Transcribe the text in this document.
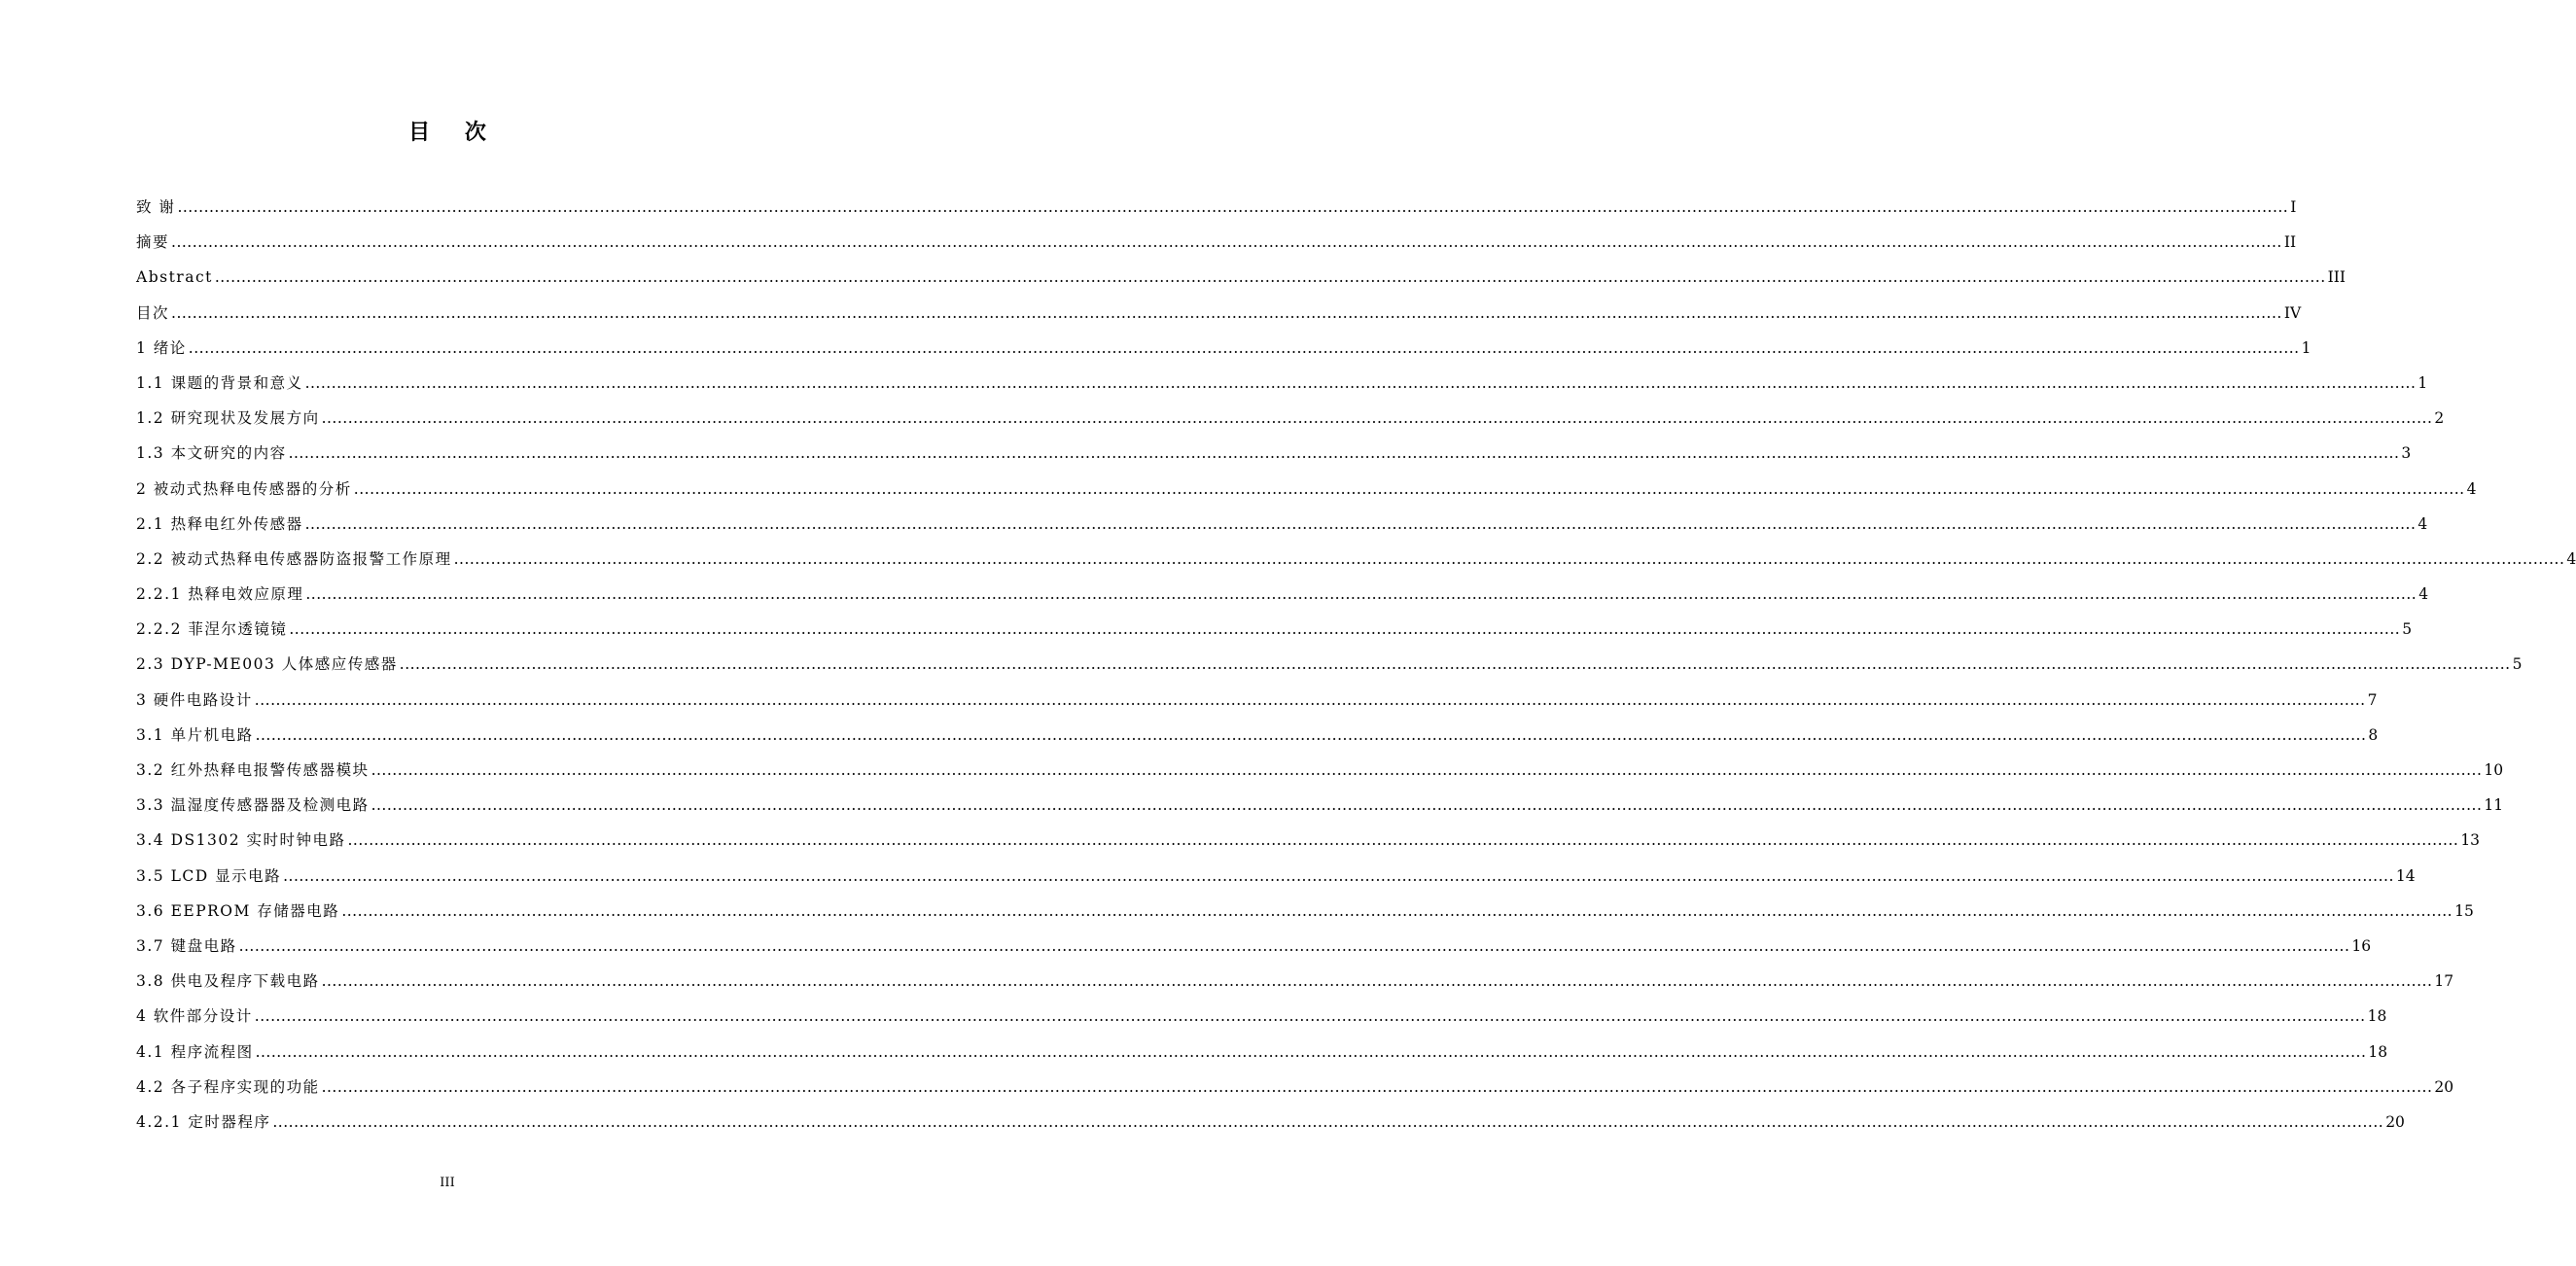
目 次
致 谢 ................................................................................................................................................................................................................................................................................................................................................................................................................ I
摘要 ................................................................................................................................................................................................................................................................................................................................................................................................................ II
Abstract ................................................................................................................................................................................................................................................................................................................................................................................................................ III
目次 ................................................................................................................................................................................................................................................................................................................................................................................................................ IV
1 绪论 ................................................................................................................................................................................................................................................................................................................................................................................................................ 1
1.1 课题的背景和意义 ................................................................................................................................................................................................................................................................................................................................................................................................................ 1
1.2 研究现状及发展方向 ................................................................................................................................................................................................................................................................................................................................................................................................................ 2
1.3 本文研究的内容 ................................................................................................................................................................................................................................................................................................................................................................................................................ 3
2 被动式热释电传感器的分析 ................................................................................................................................................................................................................................................................................................................................................................................................................ 4
2.1 热释电红外传感器 ................................................................................................................................................................................................................................................................................................................................................................................................................ 4
2.2 被动式热释电传感器防盗报警工作原理 ................................................................................................................................................................................................................................................................................................................................................................................................................ 4
2.2.1 热释电效应原理 ................................................................................................................................................................................................................................................................................................................................................................................................................ 4
2.2.2 菲涅尔透镜镜 ................................................................................................................................................................................................................................................................................................................................................................................................................ 5
2.3 DYP-ME003 人体感应传感器 ................................................................................................................................................................................................................................................................................................................................................................................................................ 5
3 硬件电路设计 ................................................................................................................................................................................................................................................................................................................................................................................................................ 7
3.1 单片机电路 ................................................................................................................................................................................................................................................................................................................................................................................................................ 8
3.2 红外热释电报警传感器模块 ................................................................................................................................................................................................................................................................................................................................................................................................................ 10
3.3 温湿度传感器器及检测电路 ................................................................................................................................................................................................................................................................................................................................................................................................................ 11
3.4 DS1302 实时时钟电路 ................................................................................................................................................................................................................................................................................................................................................................................................................ 13
3.5 LCD 显示电路 ................................................................................................................................................................................................................................................................................................................................................................................................................ 14
3.6 EEPROM 存储器电路 ................................................................................................................................................................................................................................................................................................................................................................................................................ 15
3.7 键盘电路 ................................................................................................................................................................................................................................................................................................................................................................................................................ 16
3.8 供电及程序下载电路 ................................................................................................................................................................................................................................................................................................................................................................................................................ 17
4 软件部分设计 ................................................................................................................................................................................................................................................................................................................................................................................................................ 18
4.1 程序流程图 ................................................................................................................................................................................................................................................................................................................................................................................................................ 18
4.2 各子程序实现的功能 ................................................................................................................................................................................................................................................................................................................................................................................................................ 20
4.2.1 定时器程序 ................................................................................................................................................................................................................................................................................................................................................................................................................ 20
III
